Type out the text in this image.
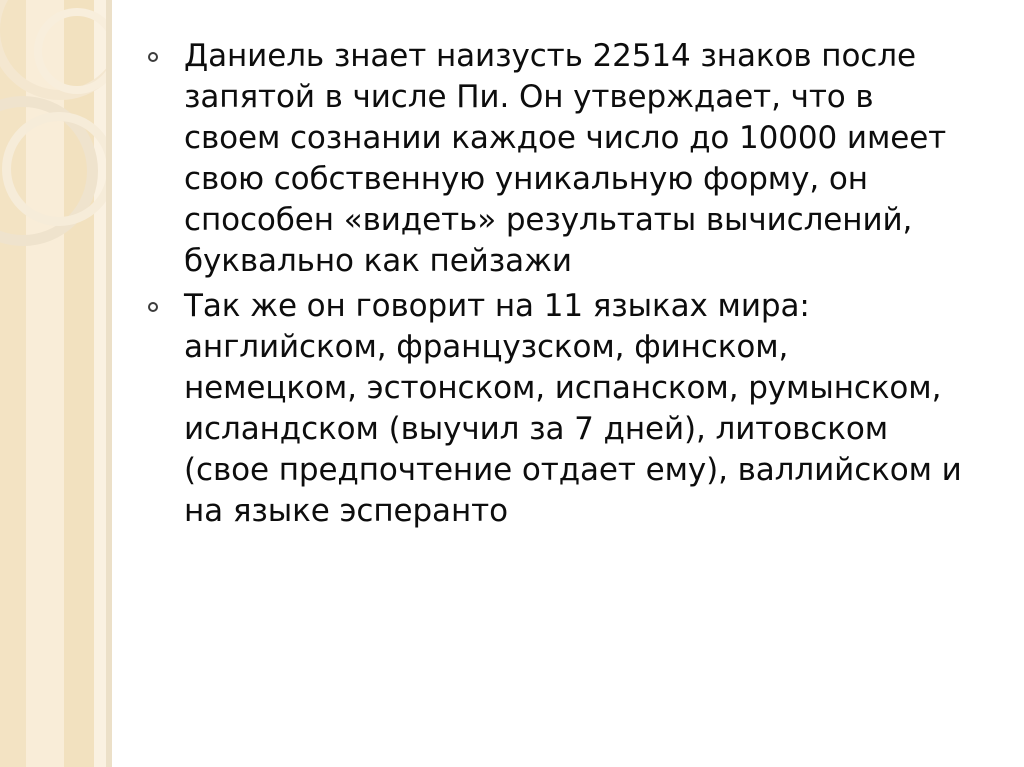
Даниель знает наизусть 22514 знаков после запятой в числе Пи. Он утверждает, что в своем сознании каждое число до 10000 имеет свою собственную уникальную форму, он способен «видеть» результаты вычислений, буквально как пейзажи
Так же он говорит на 11 языках мира: английском, французском, финском, немецком, эстонском, испанском, румынском, исландском (выучил за 7 дней), литовском (свое предпочтение отдает ему), валлийском и на языке эсперанто
